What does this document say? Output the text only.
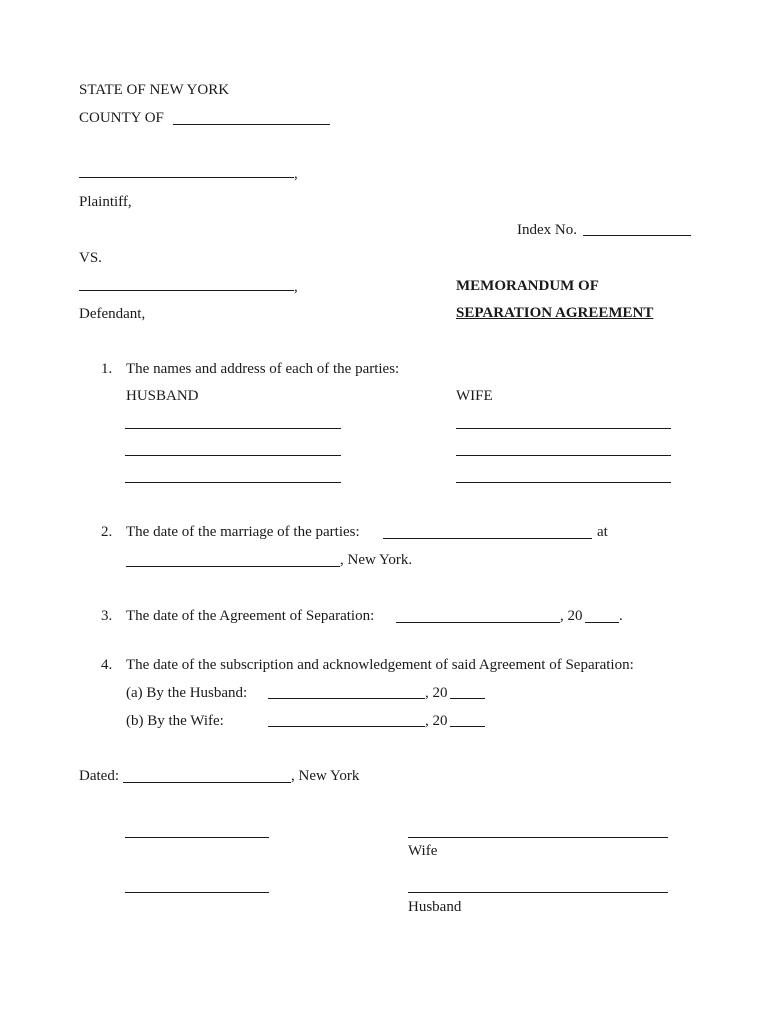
STATE OF NEW YORK
COUNTY OF
,
Plaintiff,
Index No.
VS.
,
Defendant,
MEMORANDUM OF
SEPARATION AGREEMENT
1. The names and address of each of the parties:
HUSBAND	WIFE
2. The date of the marriage of the parties:	at
, New York.
3. The date of the Agreement of Separation:	, 20 .
4. The date of the subscription and acknowledgement of said Agreement of Separation:
(a) By the Husband:	, 20
(b) By the Wife:	, 20
Dated:	, New York
Wife
Husband
